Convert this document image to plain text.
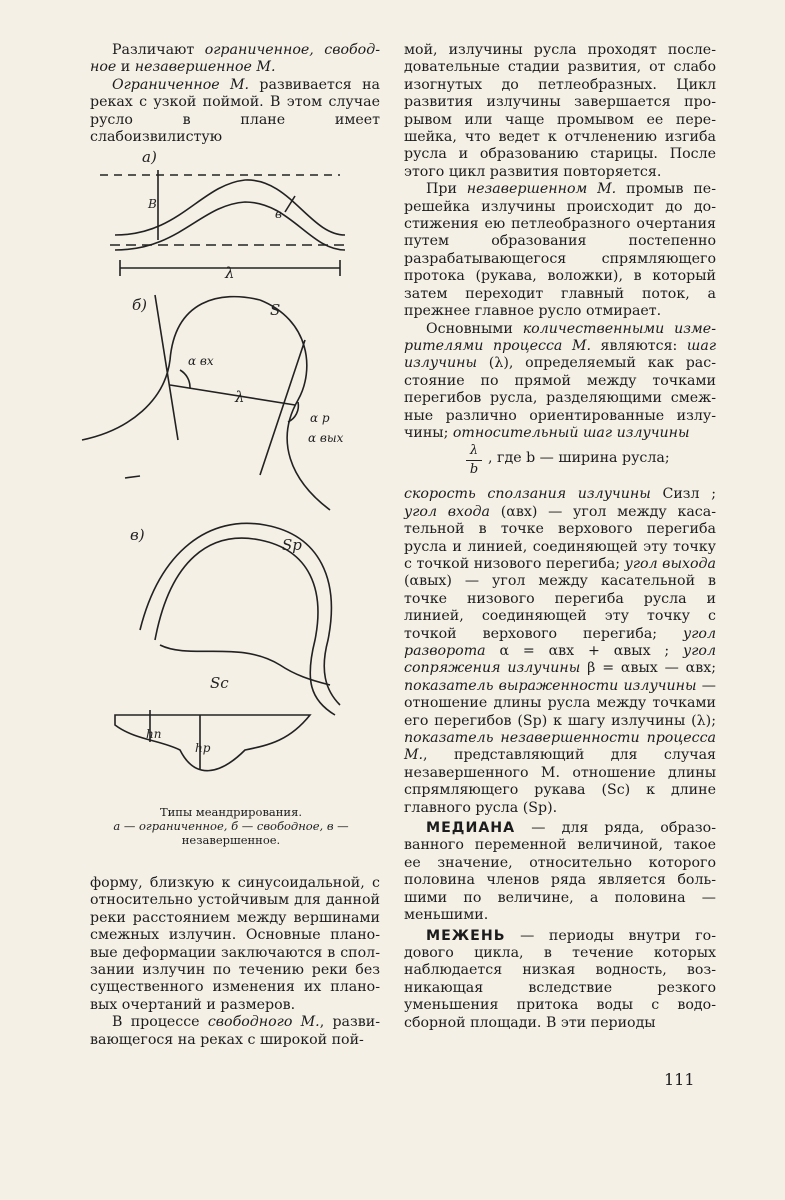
Различают ограниченное, свободное и незавершенное М.

Ограниченное М. развивается на реках с узкой поймой. В этом случае русло в плане имеет слабоизвилистую

а)
В
в
λ
б)	S
α вх
λ
α р
α вых
в)
Sр
Sс
hп
hр
Типы меандрирования.
а — ограниченное, б — свободное, в —
незавершенное.

форму, близкую к синусоидальной, с относительно устойчивым для данной реки расстоянием между вершинами смежных излучин. Основные плановые деформации заключаются в сползании излучин по течению реки без существенного изменения их плановых очертаний и размеров.

В процессе свободного М., развивающегося на реках с широкой пой-

мой, излучины русла проходят последовательные стадии развития, от слабо изогнутых до петлеобразных. Цикл развития излучины завершается прорывом или чаще промывом ее перешейка, что ведет к отчленению изгиба русла и образованию старицы. После этого цикл развития повторяется.

При незавершенном М. промыв перешейка излучины происходит до достижения ею петлеобразного очертания путем образования постепенно разрабатывающегося спрямляющего протока (рукава, воложки), в который затем переходит главный поток, а прежнее главное русло отмирает.

Основными количественными измерителями процесса М. являются: шаг излучины (λ), определяемый как расстояние по прямой между точками перегибов русла, разделяющими смежные различно ориентированные излучины; относительный шаг излучины

$\frac{\lambda}{b}$ , где b — ширина русла;

скорость сползания излучины Сизл ; угол входа (αвх) — угол между касательной в точке верхового перегиба русла и линией, соединяющей эту точку с точкой низового перегиба; угол выхода (αвых) — угол между касательной в точке низового перегиба русла и линией, соединяющей эту точку с точкой верхового перегиба; угол разворота α = αвх + αвых ; угол сопряжения излучины β = αвых — αвх; показатель выраженности излучины — отношение длины русла между точками его перегибов (Sр) к шагу излучины (λ); показатель незавершенности процесса М., представляющий для случая незавершенного М. отношение длины спрямляющего рукава (Sс) к длине главного русла (Sр).

МЕДИАНА — для ряда, образованного переменной величиной, такое ее значение, относительно которого половина членов ряда является большими по величине, а половина — меньшими.

МЕЖЕНЬ — периоды внутри годового цикла, в течение которых наблюдается низкая водность, возникающая вследствие резкого уменьшения притока воды с водосборной площади. В эти периоды

111
